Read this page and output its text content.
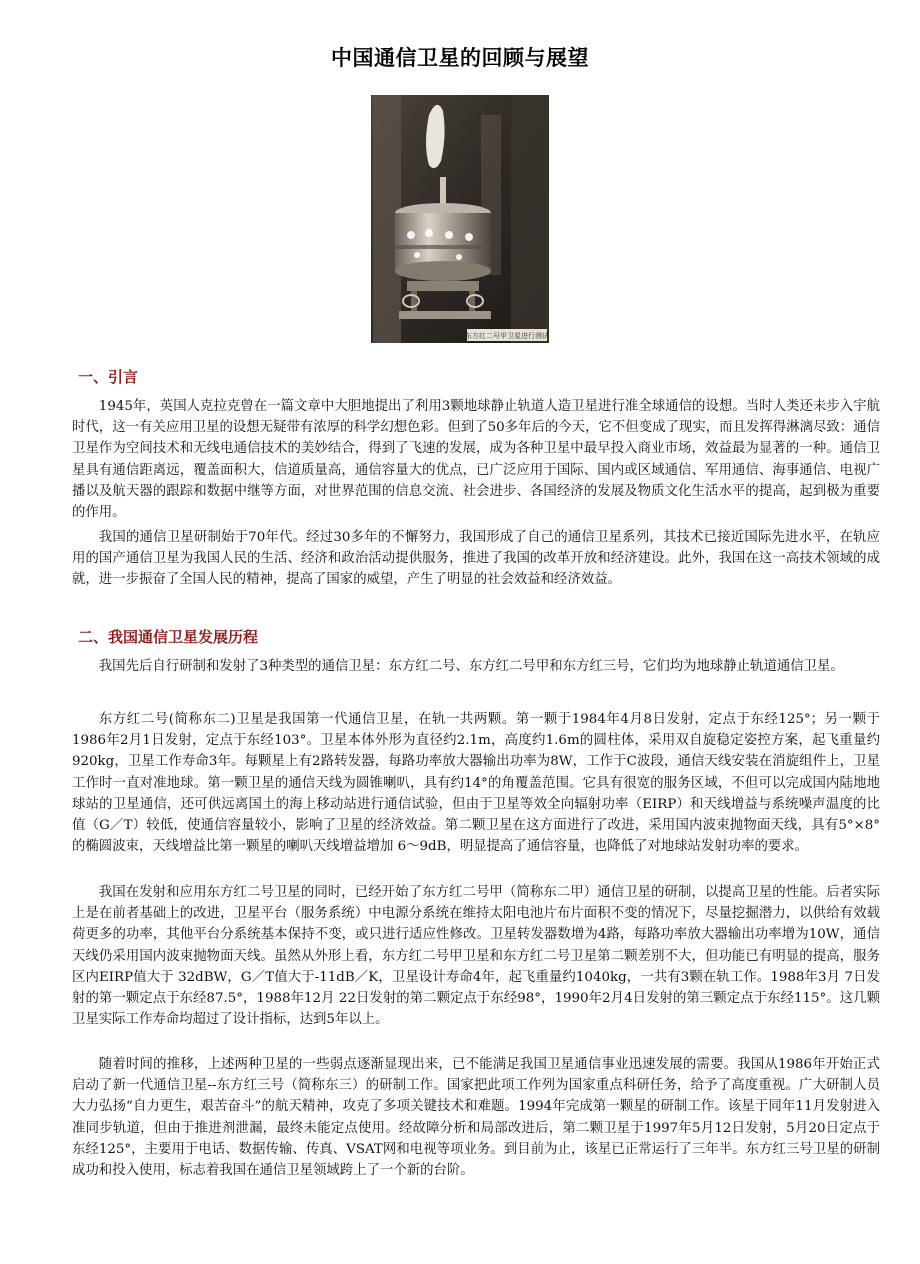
中国通信卫星的回顾与展望
东方红二号甲卫星进行测试
一、引言

1945年，英国人克拉克曾在一篇文章中大胆地提出了利用3颗地球静止轨道人造卫星进行准全球通信的设想。当时人类还未步入宇航时代，这一有关应用卫星的设想无疑带有浓厚的科学幻想色彩。但到了50多年后的今天，它不但变成了现实，而且发挥得淋漓尽致：通信卫星作为空间技术和无线电通信技术的美妙结合，得到了飞速的发展，成为各种卫星中最早投入商业市场，效益最为显著的一种。通信卫星具有通信距离远，覆盖面积大，信道质量高，通信容量大的优点，已广泛应用于国际、国内或区域通信、军用通信、海事通信、电视广播以及航天器的跟踪和数据中继等方面，对世界范围的信息交流、社会进步、各国经济的发展及物质文化生活水平的提高，起到极为重要的作用。

我国的通信卫星研制始于70年代。经过30多年的不懈努力，我国形成了自己的通信卫星系列，其技术已接近国际先进水平，在轨应用的国产通信卫星为我国人民的生活、经济和政治活动提供服务，推进了我国的改革开放和经济建设。此外，我国在这一高技术领域的成就，进一步振奋了全国人民的精神，提高了国家的威望，产生了明显的社会效益和经济效益。

二、我国通信卫星发展历程

我国先后自行研制和发射了3种类型的通信卫星：东方红二号、东方红二号甲和东方红三号，它们均为地球静止轨道通信卫星。

东方红二号(简称东二)卫星是我国第一代通信卫星，在轨一共两颗。第一颗于1984年4月8日发射，定点于东经125°；另一颗于1986年2月1日发射，定点于东经103°。卫星本体外形为直径约2.1m，高度约1.6m的圆柱体，采用双自旋稳定姿控方案，起飞重量约920kg，卫星工作寿命3年。每颗星上有2路转发器，每路功率放大器输出功率为8W，工作于C波段，通信天线安装在消旋组件上，卫星工作时一直对准地球。第一颗卫星的通信天线为圆锥喇叭，具有约14°的角覆盖范围。它具有很宽的服务区域，不但可以完成国内陆地地球站的卫星通信，还可供远离国土的海上移动站进行通信试验，但由于卫星等效全向辐射功率（EIRP）和天线增益与系统噪声温度的比值（G／T）较低，使通信容量较小，影响了卫星的经济效益。第二颗卫星在这方面进行了改进，采用国内波束抛物面天线，具有5°×8°的椭圆波束，天线增益比第一颗星的喇叭天线增益增加 6～9dB，明显提高了通信容量，也降低了对地球站发射功率的要求。

我国在发射和应用东方红二号卫星的同时，已经开始了东方红二号甲（简称东二甲）通信卫星的研制，以提高卫星的性能。后者实际上是在前者基础上的改进，卫星平台（服务系统）中电源分系统在维持太阳电池片布片面积不变的情况下，尽量挖掘潜力，以供给有效载荷更多的功率，其他平台分系统基本保持不变，或只进行适应性修改。卫星转发器数增为4路，每路功率放大器输出功率增为10W，通信天线仍采用国内波束抛物面天线。虽然从外形上看，东方红二号甲卫星和东方红二号卫星第二颗差别不大，但功能已有明显的提高，服务区内EIRP值大于 32dBW，G／T值大于-11dB／K，卫星设计寿命4年，起飞重量约1040kg，一共有3颗在轨工作。1988年3月 7日发射的第一颗定点于东经87.5°，1988年12月 22日发射的第二颗定点于东经98°，1990年2月4日发射的第三颗定点于东经115°。这几颗卫星实际工作寿命均超过了设计指标，达到5年以上。

随着时间的推移，上述两种卫星的一些弱点逐渐显现出来，已不能满足我国卫星通信事业迅速发展的需要。我国从1986年开始正式启动了新一代通信卫星--东方红三号（简称东三）的研制工作。国家把此项工作列为国家重点科研任务，给予了高度重视。广大研制人员大力弘扬“自力更生，艰苦奋斗”的航天精神，攻克了多项关键技术和难题。1994年完成第一颗星的研制工作。该星于同年11月发射进入准同步轨道，但由于推进剂泄漏，最终未能定点使用。经故障分析和局部改进后，第二颗卫星于1997年5月12日发射，5月20日定点于东经125°，主要用于电话、数据传输、传真、VSAT网和电视等项业务。到目前为止，该星已正常运行了三年半。东方红三号卫星的研制成功和投入使用，标志着我国在通信卫星领域跨上了一个新的台阶。
